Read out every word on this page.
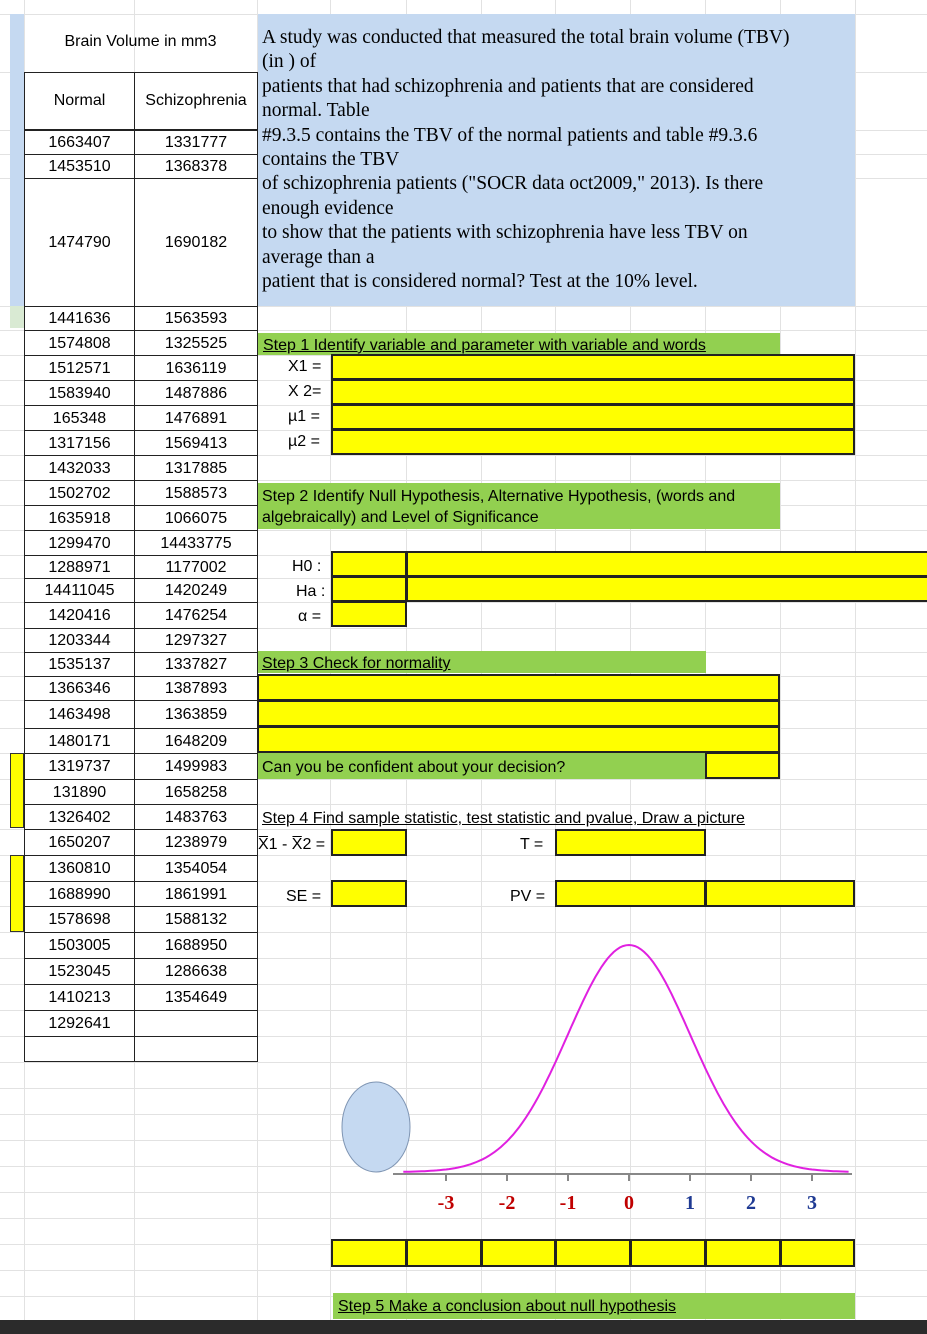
Brain Volume in mm3
Normal	Schizophrenia
1663407	1331777
1453510	1368378
1474790	1690182
1441636	1563593
1574808	1325525
1512571	1636119
1583940	1487886
165348	1476891
1317156	1569413
1432033	1317885
1502702	1588573
1635918	1066075
1299470	14433775
1288971	1177002
14411045	1420249
1420416	1476254
1203344	1297327
1535137	1337827
1366346	1387893
1463498	1363859
1480171	1648209
1319737	1499983
131890	1658258
1326402	1483763
1650207	1238979
1360810	1354054
1688990	1861991
1578698	1588132
1503005	1688950
1523045	1286638
1410213	1354649
1292641
A study was conducted that measured the total brain volume (TBV)
(in ) of
patients that had schizophrenia and patients that are considered
normal. Table
#9.3.5 contains the TBV of the normal patients and table #9.3.6
contains the TBV
of schizophrenia patients ("SOCR data oct2009," 2013). Is there
enough evidence
to show that the patients with schizophrenia have less TBV on
average than a
patient that is considered normal? Test at the 10% level.
Step 1 Identify variable and parameter with variable and words
X1 =
X 2=
µ1 =
µ2 =
Step 2 Identify Null Hypothesis, Alternative Hypothesis, (words and
algebraically) and Level of Significance
H0 :
Ha :
α =
Step 3 Check for normality
Can you be confident about your decision?
Step 4 Find sample statistic, test statistic and pvalue, Draw a picture
X̅1 - X̅2 =	T =
SE =	PV =
-3 -2 -1 0	1	2	3
Step 5 Make a conclusion about null hypothesis
